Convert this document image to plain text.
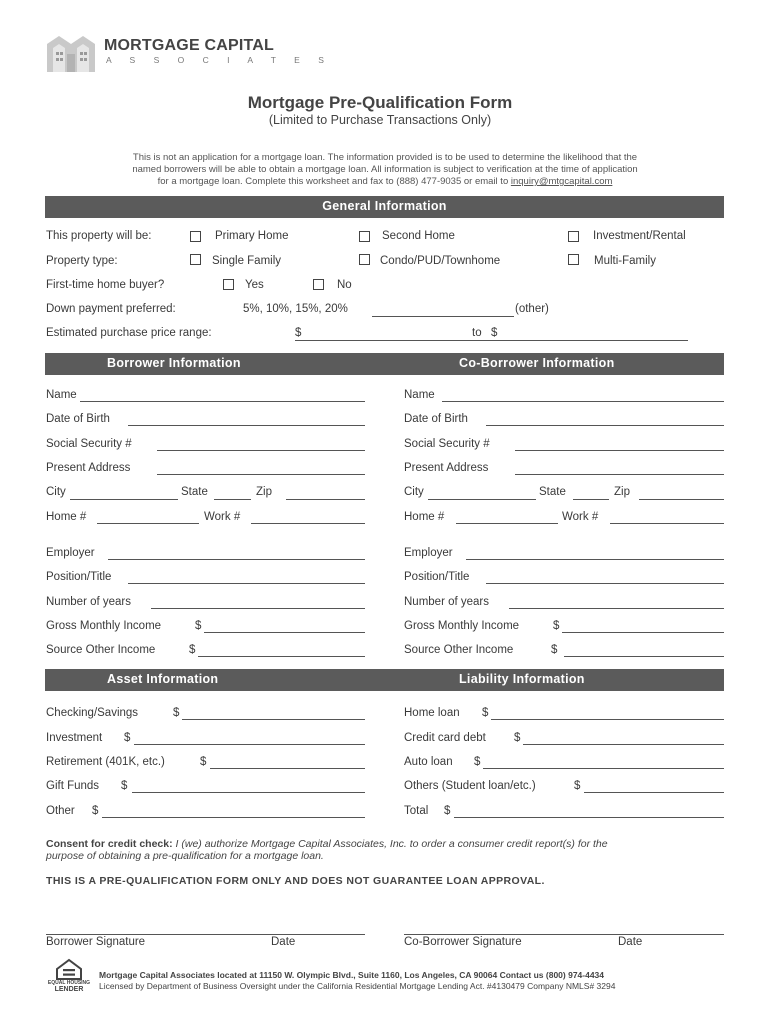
MORTGAGE CAPITAL
A S S O C I A T E S
Mortgage Pre-Qualification Form
(Limited to Purchase Transactions Only)
This is not an application for a mortgage loan. The information provided is to be used to determine the likelihood that the
named borrowers will be able to obtain a mortgage loan. All information is subject to verification at the time of application
for a mortgage loan. Complete this worksheet and fax to (888) 477-9035 or email to inquiry@mtgcapital.com
General Information
This property will be:	Primary Home	Second Home	Investment/Rental
Property type:	Single Family	Condo/PUD/Townhome	Multi-Family
First-time home buyer?	Yes	No
Down payment preferred:	5%, 10%, 15%, 20%	(other)
Estimated purchase price range:	$	to $
Borrower Information	Co-Borrower Information
Name
Date of Birth
Social Security #
Present Address
City	State	Zip
Home #	Work #
Employer
Position/Title
Number of years
Gross Monthly Income	$
Source Other Income	$
Name
Date of Birth
Social Security #
Present Address
City	State	Zip
Home #	Work #
Employer
Position/Title
Number of years
Gross Monthly Income	$
Source Other Income	$
Asset Information	Liability Information
Checking/Savings	$
Investment $
Retirement (401K, etc.)	$
Gift Funds $
Other $
Home loan $
Credit card debt $
Auto loan $
Others (Student loan/etc.)	$
Total $
Consent for credit check: I (we) authorize Mortgage Capital Associates, Inc. to order a consumer credit report(s) for the
purpose of obtaining a pre-qualification for a mortgage loan.
THIS IS A PRE-QUALIFICATION FORM ONLY AND DOES NOT GUARANTEE LOAN APPROVAL.
Borrower Signature	Date	Co-Borrower Signature	Date
EQUAL HOUSING
LENDER
Mortgage Capital Associates located at 11150 W. Olympic Blvd., Suite 1160, Los Angeles, CA 90064 Contact us (800) 974-4434
Licensed by Department of Business Oversight under the California Residential Mortgage Lending Act. #4130479 Company NMLS# 3294
